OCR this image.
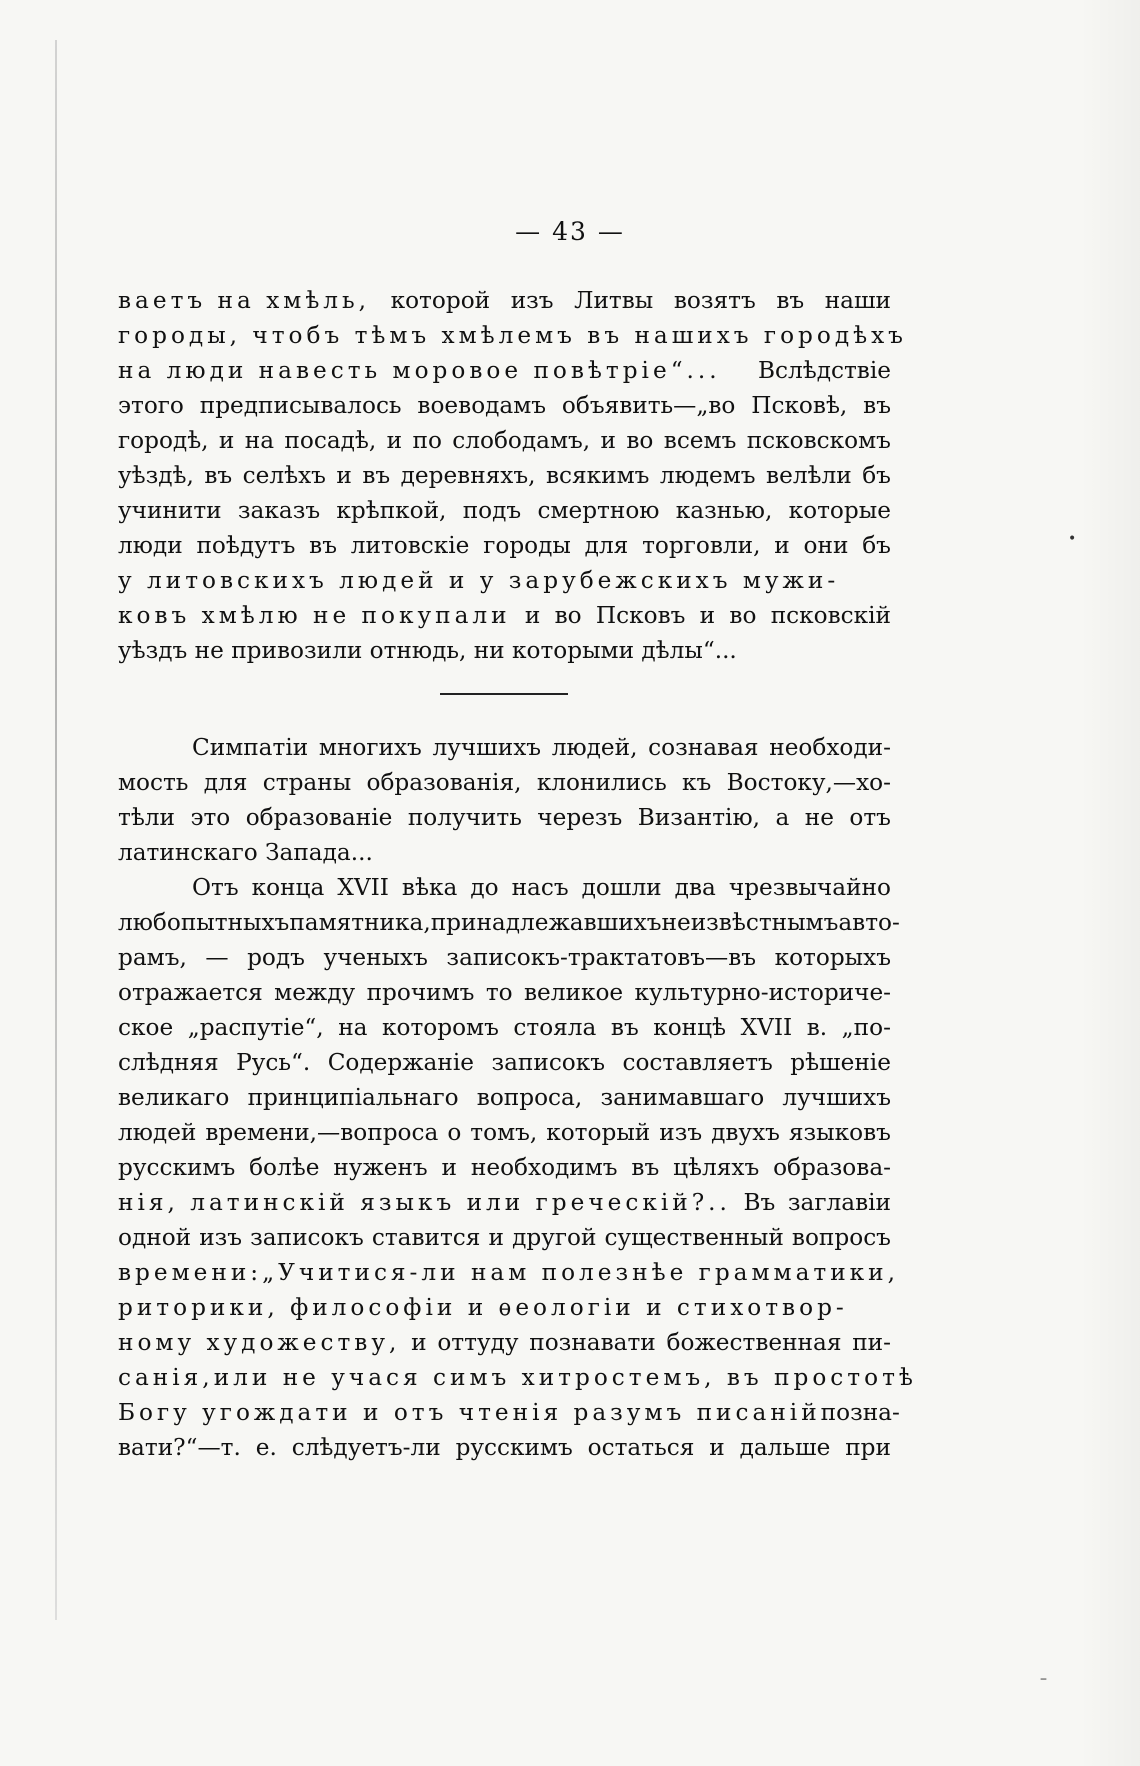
•
–
— 43 —
ваетъ на хмѣль, которой изъ Литвы возятъ въ наши
городы, чтобъ тѣмъ хмѣлемъ въ нашихъ городѣхъ
на люди навесть моровое повѣтріе“... Вслѣдствіе
этого предписывалось воеводамъ объявить—„во Псковѣ, въ
городѣ, и на посадѣ, и по слободамъ, и во всемъ псковскомъ
уѣздѣ, въ селѣхъ и въ деревняхъ, всякимъ людемъ велѣли бъ
учинити заказъ крѣпкой, подъ смертною казнью, которые
люди поѣдутъ въ литовскіе городы для торговли, и они бъ
у литовскихъ людей и у зарубежскихъ мужи-
ковъ хмѣлю не покупали и во Псковъ и во псковскій
уѣздъ не привозили отнюдь, ни которыми дѣлы“...
Симпатіи многихъ лучшихъ людей, сознавая необходи-
мость для страны образованія, клонились къ Востоку,—хо-
тѣли это образованіе получить черезъ Византію, а не отъ
латинскаго Запада...
Отъ конца XVII вѣка до насъ дошли два чрезвычайно
любопытныхъ памятника, принадлежавшихъ неизвѣстнымъ авто-
рамъ, — родъ ученыхъ записокъ-трактатовъ—въ которыхъ
отражается между прочимъ то великое культурно-историче-
ское „распутіе“, на которомъ стояла въ концѣ XVII в. „по-
слѣдняя Русь“. Содержаніе записокъ составляетъ рѣшеніе
великаго принципіальнаго вопроса, занимавшаго лучшихъ
людей времени,—вопроса о томъ, который изъ двухъ языковъ
русскимъ болѣе нуженъ и необходимъ въ цѣляхъ образова-
нія, латинскій языкъ или греческій?.. Въ заглавіи
одной изъ записокъ ставится и другой существенный вопросъ
времени: „Учитися-ли нам полезнѣе грамматики,
риторики, философіи и ѳеологіи и стихотвор-
ному художеству, и оттуду познавати божественная пи-
санія, или не учася симъ хитростемъ, въ простотѣ
Богу угождати и отъ чтенія разумъ писаній позна-
вати?“—т. е. слѣдуетъ-ли русскимъ остаться и дальше при
